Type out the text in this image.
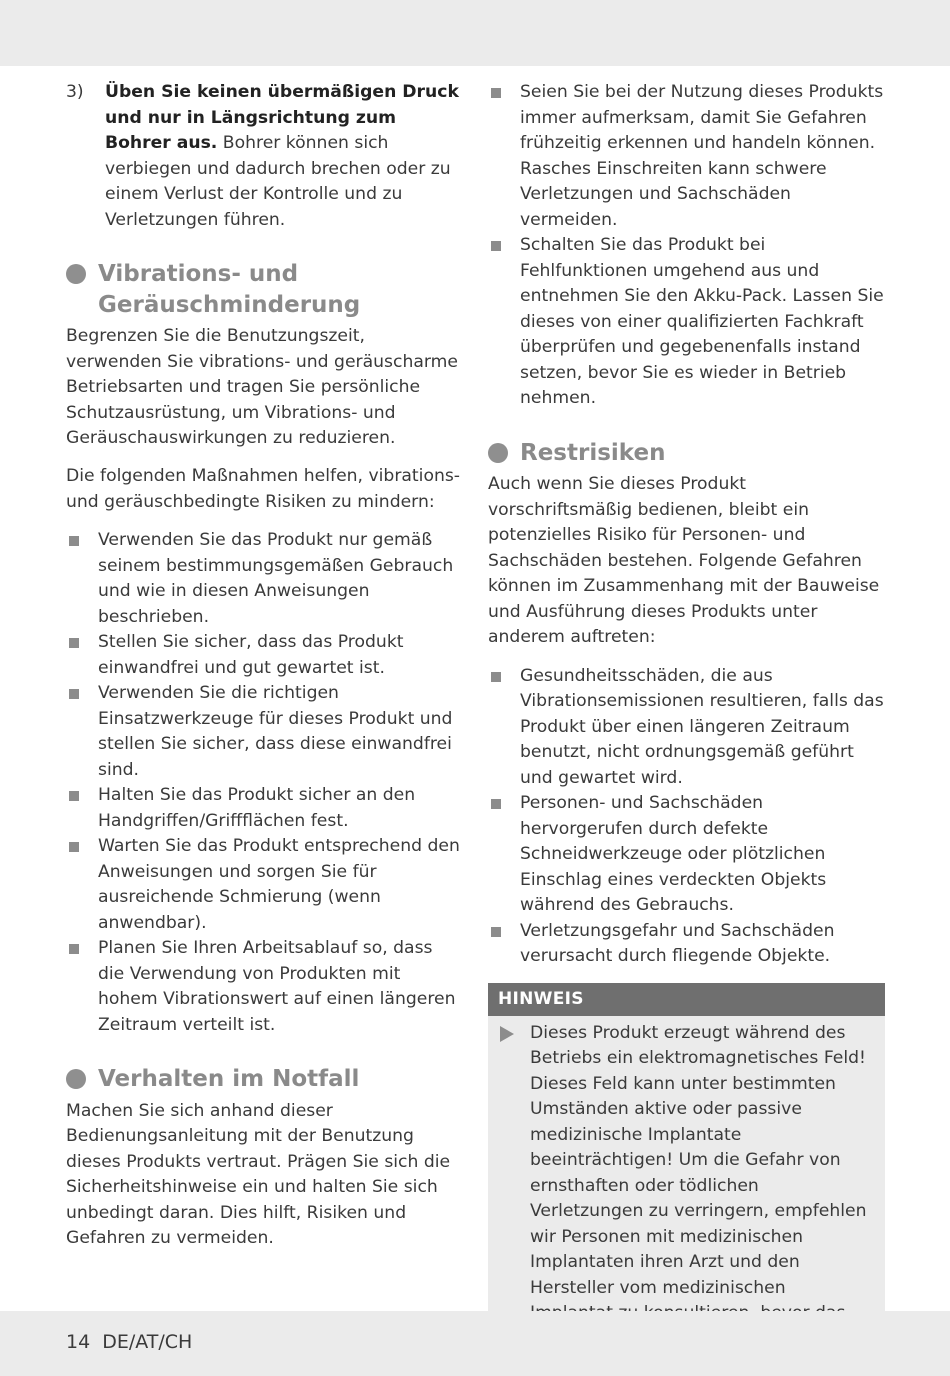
3)	Üben Sie keinen übermäßigen Druck und nur in Längsrichtung zum Bohrer aus. Bohrer können sich verbiegen und dadurch brechen oder zu einem Verlust der Kontrolle und zu Verletzungen führen.
Vibrations- und Geräuschminderung

Begrenzen Sie die Benutzungszeit, verwenden Sie vibrations- und geräuscharme Betriebsarten und tragen Sie persönliche Schutzausrüstung, um Vibrations- und Geräuschauswirkungen zu reduzieren.

Die folgenden Maßnahmen helfen, vibrations- und geräuschbedingte Risiken zu mindern:

Verwenden Sie das Produkt nur gemäß seinem bestimmungsgemäßen Gebrauch und wie in diesen Anweisungen beschrieben.
Stellen Sie sicher, dass das Produkt einwandfrei und gut gewartet ist.
Verwenden Sie die richtigen Einsatzwerkzeuge für dieses Produkt und stellen Sie sicher, dass diese einwandfrei sind.
Halten Sie das Produkt sicher an den Handgriffen/Griffflächen fest.
Warten Sie das Produkt entsprechend den Anweisungen und sorgen Sie für ausreichende Schmierung (wenn anwendbar).
Planen Sie Ihren Arbeitsablauf so, dass die Verwendung von Produkten mit hohem Vibrationswert auf einen längeren Zeitraum verteilt ist.
Verhalten im Notfall

Machen Sie sich anhand dieser Bedienungsanleitung mit der Benutzung dieses Produkts vertraut. Prägen Sie sich die Sicherheitshinweise ein und halten Sie sich unbedingt daran. Dies hilft, Risiken und Gefahren zu vermeiden.

Seien Sie bei der Nutzung dieses Produkts immer aufmerksam, damit Sie Gefahren frühzeitig erkennen und handeln können. Rasches Einschreiten kann schwere Verletzungen und Sachschäden vermeiden.
Schalten Sie das Produkt bei Fehlfunktionen umgehend aus und entnehmen Sie den Akku-Pack. Lassen Sie dieses von einer qualifizierten Fachkraft überprüfen und gegebenenfalls instand setzen, bevor Sie es wieder in Betrieb nehmen.
Restrisiken

Auch wenn Sie dieses Produkt vorschriftsmäßig bedienen, bleibt ein potenzielles Risiko für Personen- und Sachschäden bestehen. Folgende Gefahren können im Zusammenhang mit der Bauweise und Ausführung dieses Produkts unter anderem auftreten:

Gesundheitsschäden, die aus Vibrationsemissionen resultieren, falls das Produkt über einen längeren Zeitraum benutzt, nicht ordnungsgemäß geführt und gewartet wird.
Personen- und Sachschäden hervorgerufen durch defekte Schneidwerkzeuge oder plötzlichen Einschlag eines verdeckten Objekts während des Gebrauchs.
Verletzungsgefahr und Sachschäden verursacht durch fliegende Objekte.
HINWEIS
Dieses Produkt erzeugt während des Betriebs ein elektromagnetisches Feld! Dieses Feld kann unter bestimmten Umständen aktive oder passive medizinische Implantate beeinträchtigen! Um die Gefahr von ernsthaften oder tödlichen Verletzungen zu verringern, empfehlen wir Personen mit medizinischen Implantaten ihren Arzt und den Hersteller vom medizinischen
14 DE/AT/CH
